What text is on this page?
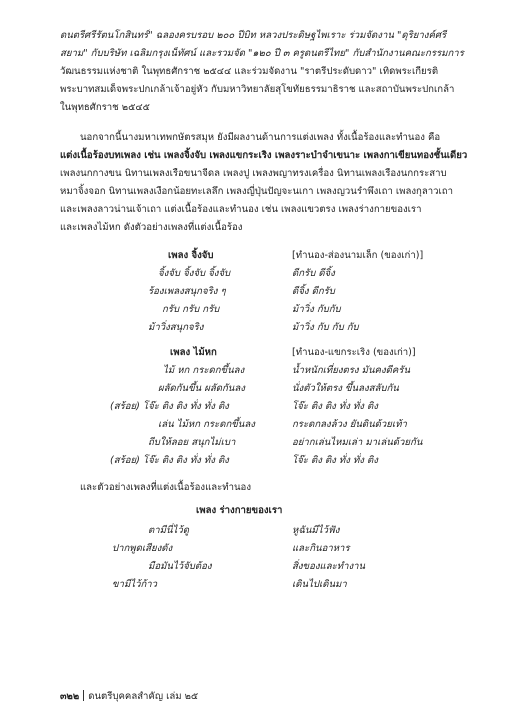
ดนตรีศรีรัตนโกสินทร์" ฉลองครบรอบ ๒๐๐ ปีบิท หลวงประดิษฐไพเราะ ร่วมจัดงาน "ดุริยางค์ศรี
สยาม" กับบริษัท เฉลิมกรุงเน็ทัศน์ และรวมจัด "๑๒๐ ปี ๓ ครูดนตรีไทย" กับสำนักงานคณะกรรมการ
วัฒนธรรมแห่งชาติ ในพุทธศักราช ๒๕๔๔ และร่วมจัดงาน "ราตรีประดับดาว" เทิดพระเกียรติ
พระบาทสมเด็จพระปกเกล้าเจ้าอยู่หัว กับมหาวิทยาลัยสุโขทัยธรรมาธิราช และสถาบันพระปกเกล้า
ในพุทธศักราช ๒๕๔๕
นอกจากนี้นางมหาเทพกษัตรสมุห ยังมีผลงานด้านการแต่งเพลง ทั้งเนื้อร้องและทำนอง คือ
แต่งเนื้อร้องบทเพลง เช่น เพลงจิ้งจับ เพลงแขกระเริง เพลงราะบำจำเขนาะ เพลงกาเขียนทองชั้นเดียว
เพลงนกกางขน นิทานเพลงเรือขนาจีดล เพลงปู เพลงพญาทรงเครื่อง นิทานเพลงเรืองนกกระสาบ
หมาจิ้งจอก นิทานเพลงเงือกน้อยทะเลลึก เพลงญี่ปุ่นปัญจะนเกา เพลงญวนรำพึงเถา เพลงกุลาวเถา
และเพลงลาวน่านเจ้าเถา แต่งเนื้อร้องและทำนอง เช่น เพลงแขวตรง เพลงร่างกายของเรา
และเพลงไม้หก ดังตัวอย่างเพลงที่แต่งเนื้อร้อง
เพลง จิ้งจับ	[ทำนอง-ส่องนามเล็ก (ของเก่า)]
จิ้งจับ จิ้งจับ จิ้งจับ	ดีกรับ ดีจิ้ง
ร้องเพลงสนุกจริง ๆ	ดีจิ้ง ดีกรับ
กรับ กรับ กรับ	ม้าวิ่ง กับกับ
ม้าวิ่งสนุกจริง	ม้าวิ่ง กับ กับ กับ
เพลง ไม้หก	[ทำนอง-แขกระเริง (ของเก่า)]
ไม้ หก กระดกขึ้นลง	น้ำหนักเที่ยงตรง มันคงดีครัน
ผลัดกันขึ้น ผลัดกันลง	นั่งตัวให้ตรง ขึ้นลงสลับกัน
(สร้อย) โจ๊ะ ติง ติง ทั่ง ทั่ง ติง	โจ๊ะ ติง ติง ทั่ง ทั่ง ติง
เล่น ไม้หก กระดกขึ้นลง	กระดกลงล้วง ยันดินด้วยเท้า
ถีบให้ลอย สนุกไม่เบา	อย่ากเล่นไหมเล่า มาเล่นด้วยกัน
(สร้อย) โจ๊ะ ติง ติง ทั่ง ทั่ง ติง	โจ๊ะ ติง ติง ทั่ง ทั่ง ติง
และตัวอย่างเพลงที่แต่งเนื้อร้องและทำนอง
เพลง ร่างกายของเรา
ตามีนี่ไว้ดู	หูฉันมีไว้ฟัง
ปากพูดเสียงดัง	และกินอาหาร
มือมันไว้จับต้อง	สิ่งของและทำงาน
ขามีไว้ก้าว	เดินไปเดินมา
๓๒๒ ดนตรีบุคคลสำคัญ เล่ม ๒๕
